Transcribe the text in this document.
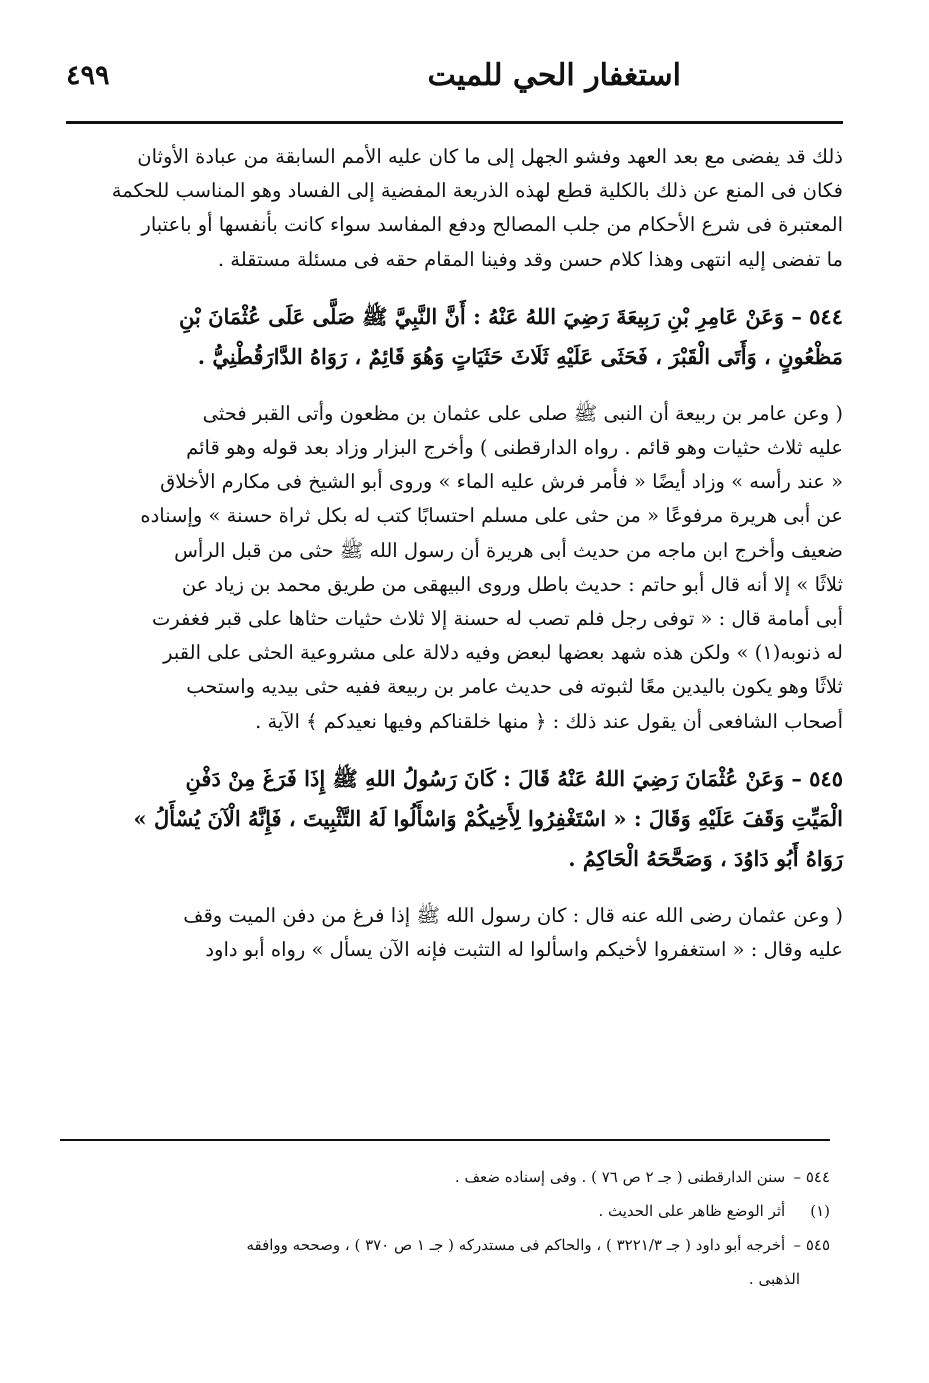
استغفار الحي للميت
٤٩٩

ذلك قد يفضى مع بعد العهد وفشو الجهل إلى ما كان عليه الأمم السابقة من عبادة الأوثان
فكان فى المنع عن ذلك بالكلية قطع لهذه الذريعة المفضية إلى الفساد وهو المناسب للحكمة
المعتبرة فى شرع الأحكام من جلب المصالح ودفع المفاسد سواء كانت بأنفسها أو باعتبار
ما تفضى إليه انتهى وهذا كلام حسن وقد وفينا المقام حقه فى مسئلة مستقلة .

٥٤٤ – وَعَنْ عَامِرِ بْنِ رَبِيعَةَ رَضِيَ اللهُ عَنْهُ : أَنَّ النَّبِيَّ ﷺ صَلَّى عَلَى عُثْمَانَ بْنِ
مَظْعُونٍ ، وَأَتَى الْقَبْرَ ، فَحَثَى عَلَيْهِ ثَلَاثَ حَثَيَاتٍ وَهُوَ قَائِمٌ ، رَوَاهُ الدَّارَقُطْنِيُّ .

( وعن عامر بن ربيعة أن النبى ﷺ صلى على عثمان بن مظعون وأتى القبر فحثى
عليه ثلاث حثيات وهو قائم . رواه الدارقطنى ) وأخرج البزار وزاد بعد قوله وهو قائم
« عند رأسه » وزاد أيضًا « فأمر فرش عليه الماء » وروى أبو الشيخ فى مكارم الأخلاق
عن أبى هريرة مرفوعًا « من حثى على مسلم احتسابًا كتب له بكل ثراة حسنة » وإسناده
ضعيف وأخرج ابن ماجه من حديث أبى هريرة أن رسول الله ﷺ حثى من قبل الرأس
ثلاثًا » إلا أنه قال أبو حاتم : حديث باطل وروى البيهقى من طريق محمد بن زياد عن
أبى أمامة قال : « توفى رجل فلم تصب له حسنة إلا ثلاث حثيات حثاها على قبر فغفرت
له ذنوبه(١) » ولكن هذه شهد بعضها لبعض وفيه دلالة على مشروعية الحثى على القبر
ثلاثًا وهو يكون باليدين معًا لثبوته فى حديث عامر بن ربيعة ففيه حثى بيديه واستحب
أصحاب الشافعى أن يقول عند ذلك : ﴿ منها خلقناكم وفيها نعيدكم ﴾ الآية .

٥٤٥ – وَعَنْ عُثْمَانَ رَضِيَ اللهُ عَنْهُ قَالَ : كَانَ رَسُولُ اللهِ ﷺ إِذَا فَرَغَ مِنْ دَفْنِ
الْمَيِّتِ وَقَفَ عَلَيْهِ وَقَالَ : « اسْتَغْفِرُوا لِأَخِيكُمْ وَاسْأَلُوا لَهُ التَّثْبِيتَ ، فَإِنَّهُ الْآنَ يُسْأَلُ »
رَوَاهُ أَبُو دَاوُدَ ، وَصَحَّحَهُ الْحَاكِمُ .

( وعن عثمان رضى الله عنه قال : كان رسول الله ﷺ إذا فرغ من دفن الميت وقف
عليه وقال : « استغفروا لأخيكم واسألوا له التثبت فإنه الآن يسأل » رواه أبو داود

٥٤٤ – سنن الدارقطنى ( جـ ٢ ص ٧٦ ) . وفى إسناده ضعف .

(١) أثر الوضع ظاهر على الحديث .

٥٤٥ – أخرجه أبو داود ( جـ ٣٢٢١/٣ ) ، والحاكم فى مستدركه ( جـ ١ ص ٣٧٠ ) ، وصححه ووافقه

الذهبى .
